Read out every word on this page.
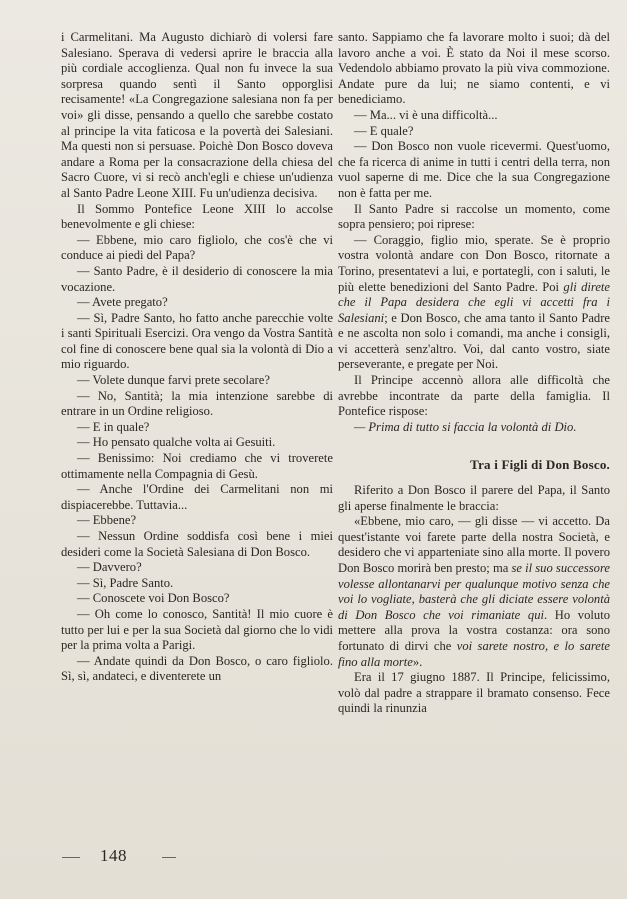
i Carmelitani. Ma Augusto dichiarò di volersi fare Salesiano. Sperava di vedersi aprire le braccia alla più cordiale accoglienza. Qual non fu invece la sua sorpresa quando sentì il Santo opporglisi recisamente! «La Congregazione salesiana non fa per voi» gli disse, pensando a quello che sarebbe costato al principe la vita faticosa e la povertà dei Salesiani. Ma questi non si persuase. Poichè Don Bosco doveva andare a Roma per la consacrazione della chiesa del Sacro Cuore, vi si recò anch'egli e chiese un'udienza al Santo Padre Leone XIII. Fu un'udienza decisiva.

Il Sommo Pontefice Leone XIII lo accolse benevolmente e gli chiese:

— Ebbene, mio caro figliolo, che cos'è che vi conduce ai piedi del Papa?

— Santo Padre, è il desiderio di conoscere la mia vocazione.

— Avete pregato?

— Sì, Padre Santo, ho fatto anche parecchie volte i santi Spirituali Esercizi. Ora vengo da Vostra Santità col fine di conoscere bene qual sia la volontà di Dio a mio riguardo.

— Volete dunque farvi prete secolare?

— No, Santità; la mia intenzione sarebbe di entrare in un Ordine religioso.

— E in quale?

— Ho pensato qualche volta ai Gesuiti.

— Benissimo: Noi crediamo che vi troverete ottimamente nella Compagnia di Gesù.

— Anche l'Ordine dei Carmelitani non mi dispiacerebbe. Tuttavia...

— Ebbene?

— Nessun Ordine soddisfa così bene i miei desideri come la Società Salesiana di Don Bosco.

— Davvero?

— Sì, Padre Santo.

— Conoscete voi Don Bosco?

— Oh come lo conosco, Santità! Il mio cuore è tutto per lui e per la sua Società dal giorno che lo vidi per la prima volta a Parigi.

— Andate quindi da Don Bosco, o caro figliolo. Sì, sì, andateci, e diventerete un

santo. Sappiamo che fa lavorare molto i suoi; dà del lavoro anche a voi. È stato da Noi il mese scorso. Vedendolo abbiamo provato la più viva commozione. Andate pure da lui; ne siamo contenti, e vi benediciamo.

— Ma... vi è una difficoltà...

— E quale?

— Don Bosco non vuole ricevermi. Quest'uomo, che fa ricerca di anime in tutti i centri della terra, non vuol saperne di me. Dice che la sua Congregazione non è fatta per me.

Il Santo Padre si raccolse un momento, come sopra pensiero; poi riprese:

— Coraggio, figlio mio, sperate. Se è proprio vostra volontà andare con Don Bosco, ritornate a Torino, presentatevi a lui, e portategli, con i saluti, le più elette benedizioni del Santo Padre. Poi gli direte che il Papa desidera che egli vi accetti fra i Salesiani; e Don Bosco, che ama tanto il Santo Padre e ne ascolta non solo i comandi, ma anche i consigli, vi accetterà senz'altro. Voi, dal canto vostro, siate perseverante, e pregate per Noi.

Il Principe accennò allora alle difficoltà che avrebbe incontrate da parte della famiglia. Il Pontefice rispose:

— Prima di tutto si faccia la volontà di Dio.

Tra i Figli di Don Bosco.

Riferito a Don Bosco il parere del Papa, il Santo gli aperse finalmente le braccia:

«Ebbene, mio caro, — gli disse — vi accetto. Da quest'istante voi farete parte della nostra Società, e desidero che vi apparteniate sino alla morte. Il povero Don Bosco morirà ben presto; ma se il suo successore volesse allontanarvi per qualunque motivo senza che voi lo vogliate, basterà che gli diciate essere volontà di Don Bosco che voi rimaniate qui. Ho voluto mettere alla prova la vostra costanza: ora sono fortunato di dirvi che voi sarete nostro, e lo sarete fino alla morte».

Era il 17 giugno 1887. Il Principe, felicissimo, volò dal padre a strappare il bramato consenso. Fece quindi la rinunzia

148
